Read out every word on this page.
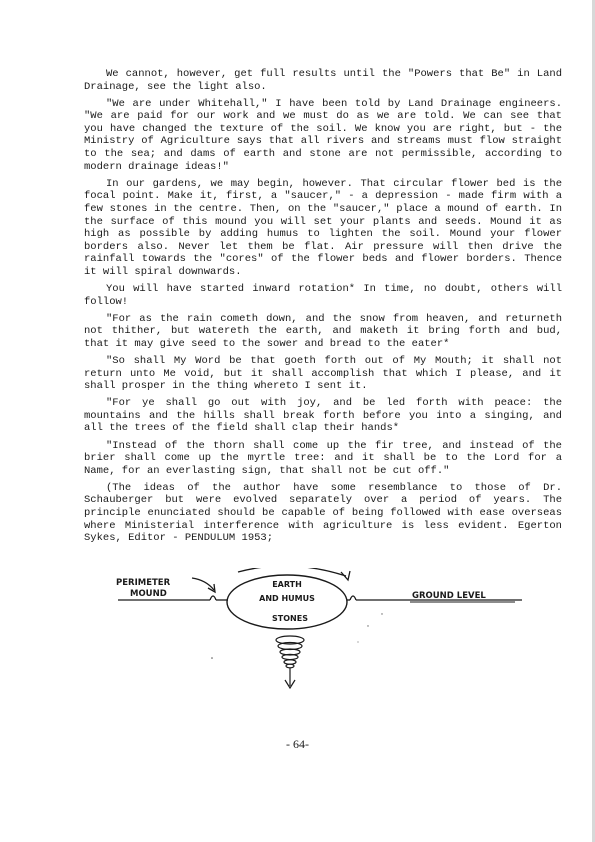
We cannot, however, get full results until the "Powers that Be" in Land Drainage, see the light also.

"We are under Whitehall," I have been told by Land Drainage engineers. "We are paid for our work and we must do as we are told. We can see that you have changed the texture of the soil. We know you are right, but - the Ministry of Agriculture says that all rivers and streams must flow straight to the sea; and dams of earth and stone are not permissible, according to modern drainage ideas!"

In our gardens, we may begin, however. That circular flower bed is the focal point. Make it, first, a "saucer," - a depression - made firm with a few stones in the centre. Then, on the "saucer," place a mound of earth. In the surface of this mound you will set your plants and seeds. Mound it as high as possible by adding humus to lighten the soil. Mound your flower borders also. Never let them be flat. Air pressure will then drive the rainfall towards the "cores" of the flower beds and flower borders. Thence it will spiral downwards.

You will have started inward rotation* In time, no doubt, others will follow!

"For as the rain cometh down, and the snow from heaven, and returneth not thither, but watereth the earth, and maketh it bring forth and bud, that it may give seed to the sower and bread to the eater*

"So shall My Word be that goeth forth out of My Mouth; it shall not return unto Me void, but it shall accomplish that which I please, and it shall prosper in the thing whereto I sent it.

"For ye shall go out with joy, and be led forth with peace: the mountains and the hills shall break forth before you into a singing, and all the trees of the field shall clap their hands*

"Instead of the thorn shall come up the fir tree, and instead of the brier shall come up the myrtle tree: and it shall be to the Lord for a Name, for an everlasting sign, that shall not be cut off."

(The ideas of the author have some resemblance to those of Dr. Schauberger but were evolved separately over a period of years. The principle enunciated should be capable of being followed with ease overseas where Ministerial interference with agriculture is less evident. Egerton Sykes, Editor - PENDULUM 1953;

PERIMETER
MOUND
EARTH
AND HUMUS
STONES
GROUND LEVEL
- 64-
